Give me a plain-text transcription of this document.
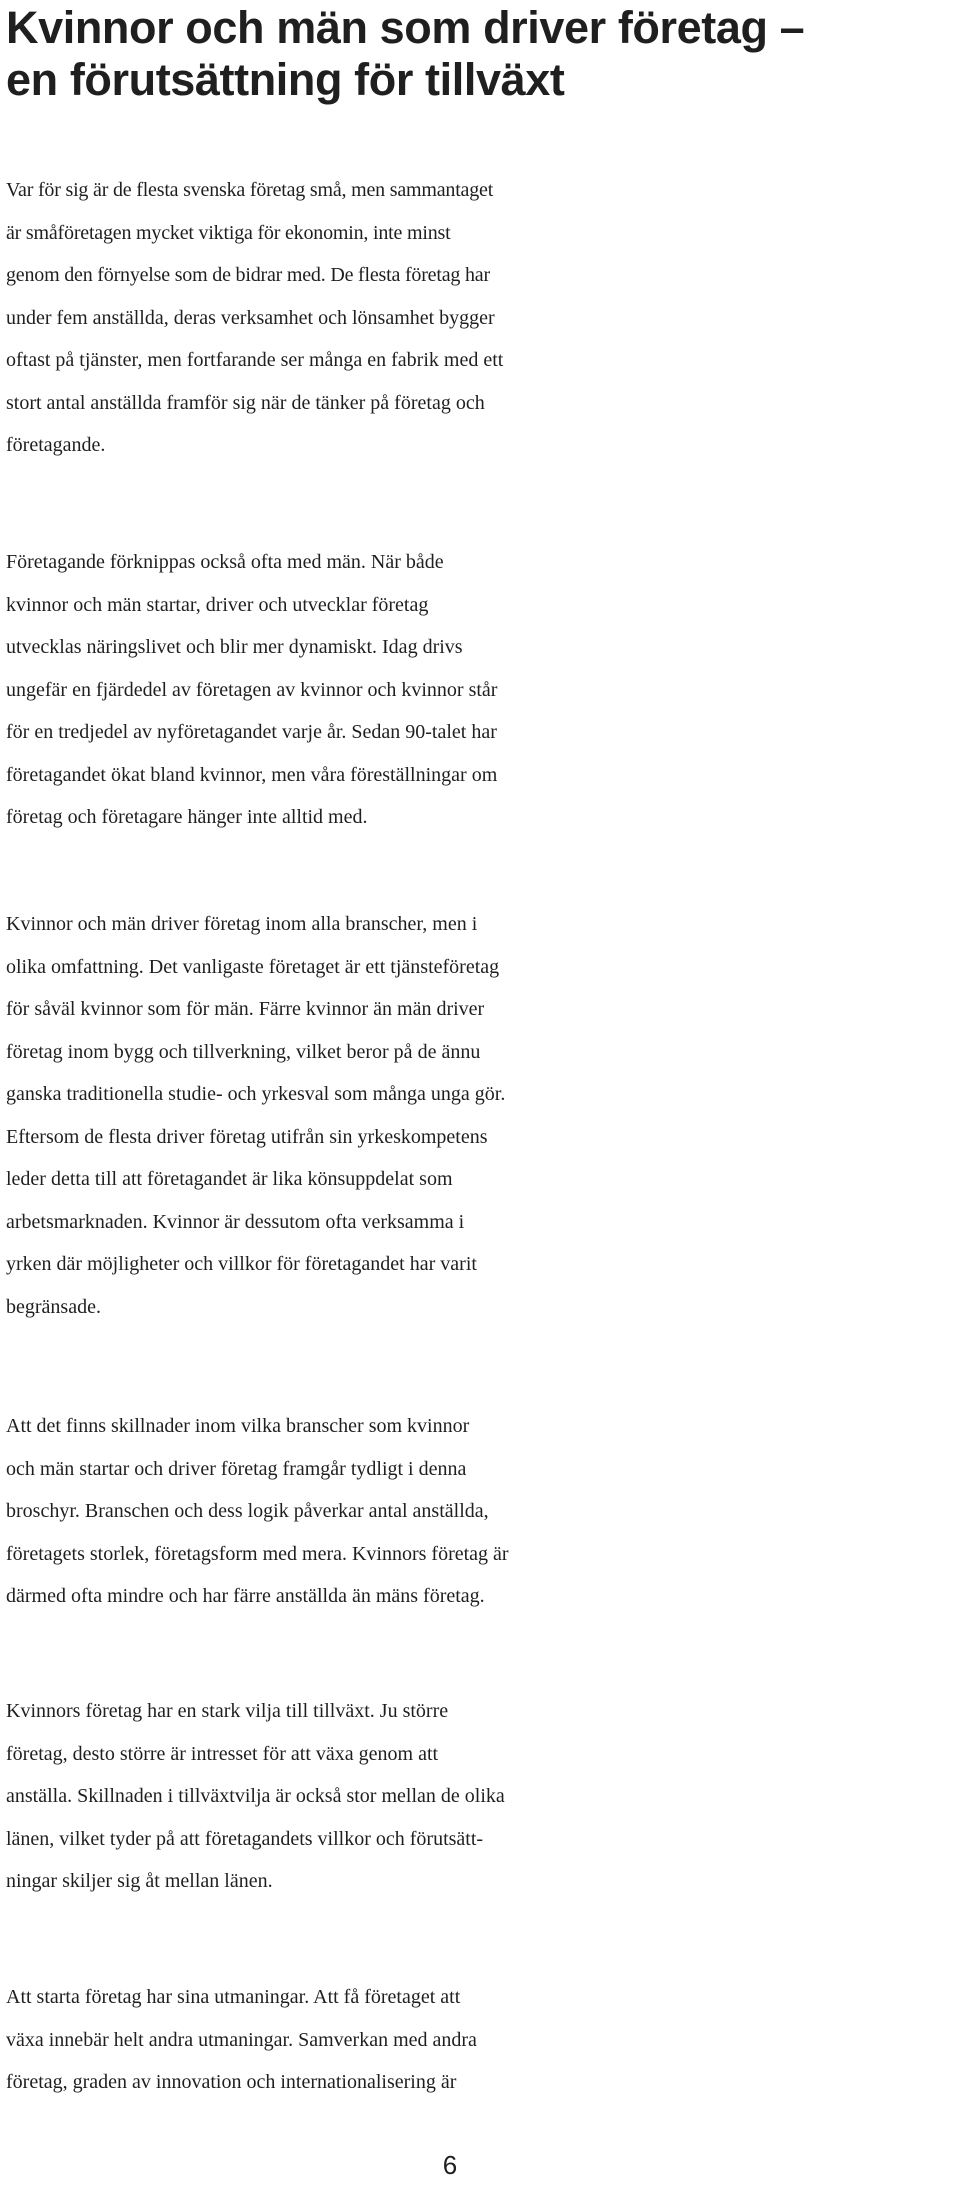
Kvinnor och män som driver företag –
en förutsättning för tillväxt

Var för sig är de flesta svenska företag små, men sammantaget
är småföretagen mycket viktiga för ekonomin, inte minst
genom den förnyelse som de bidrar med. De flesta företag har
under fem anställda, deras verksamhet och lönsamhet bygger
oftast på tjänster, men fortfarande ser många en fabrik med ett
stort antal anställda framför sig när de tänker på företag och
företagande.

Företagande förknippas också ofta med män. När både
kvinnor och män startar, driver och utvecklar företag
utvecklas näringslivet och blir mer dynamiskt. Idag drivs
ungefär en fjärdedel av företagen av kvinnor och kvinnor står
för en tredjedel av nyföretagandet varje år. Sedan 90-talet har
företagandet ökat bland kvinnor, men våra föreställningar om
företag och företagare hänger inte alltid med.

Kvinnor och män driver företag inom alla branscher, men i
olika omfattning. Det vanligaste företaget är ett tjänsteföretag
för såväl kvinnor som för män. Färre kvinnor än män driver
företag inom bygg och tillverkning, vilket beror på de ännu
ganska traditionella studie- och yrkesval som många unga gör.
Eftersom de flesta driver företag utifrån sin yrkeskompetens
leder detta till att företagandet är lika könsuppdelat som
arbetsmarknaden. Kvinnor är dessutom ofta verksamma i
yrken där möjligheter och villkor för företagandet har varit
begränsade.

Att det finns skillnader inom vilka branscher som kvinnor
och män startar och driver företag framgår tydligt i denna
broschyr. Branschen och dess logik påverkar antal anställda,
företagets storlek, företagsform med mera. Kvinnors företag är
därmed ofta mindre och har färre anställda än mäns företag.

Kvinnors företag har en stark vilja till tillväxt. Ju större
företag, desto större är intresset för att växa genom att
anställa. Skillnaden i tillväxtvilja är också stor mellan de olika
länen, vilket tyder på att företagandets villkor och förutsätt-
ningar skiljer sig åt mellan länen.

Att starta företag har sina utmaningar. Att få företaget att
växa innebär helt andra utmaningar. Samverkan med andra
företag, graden av innovation och internationalisering är

6
